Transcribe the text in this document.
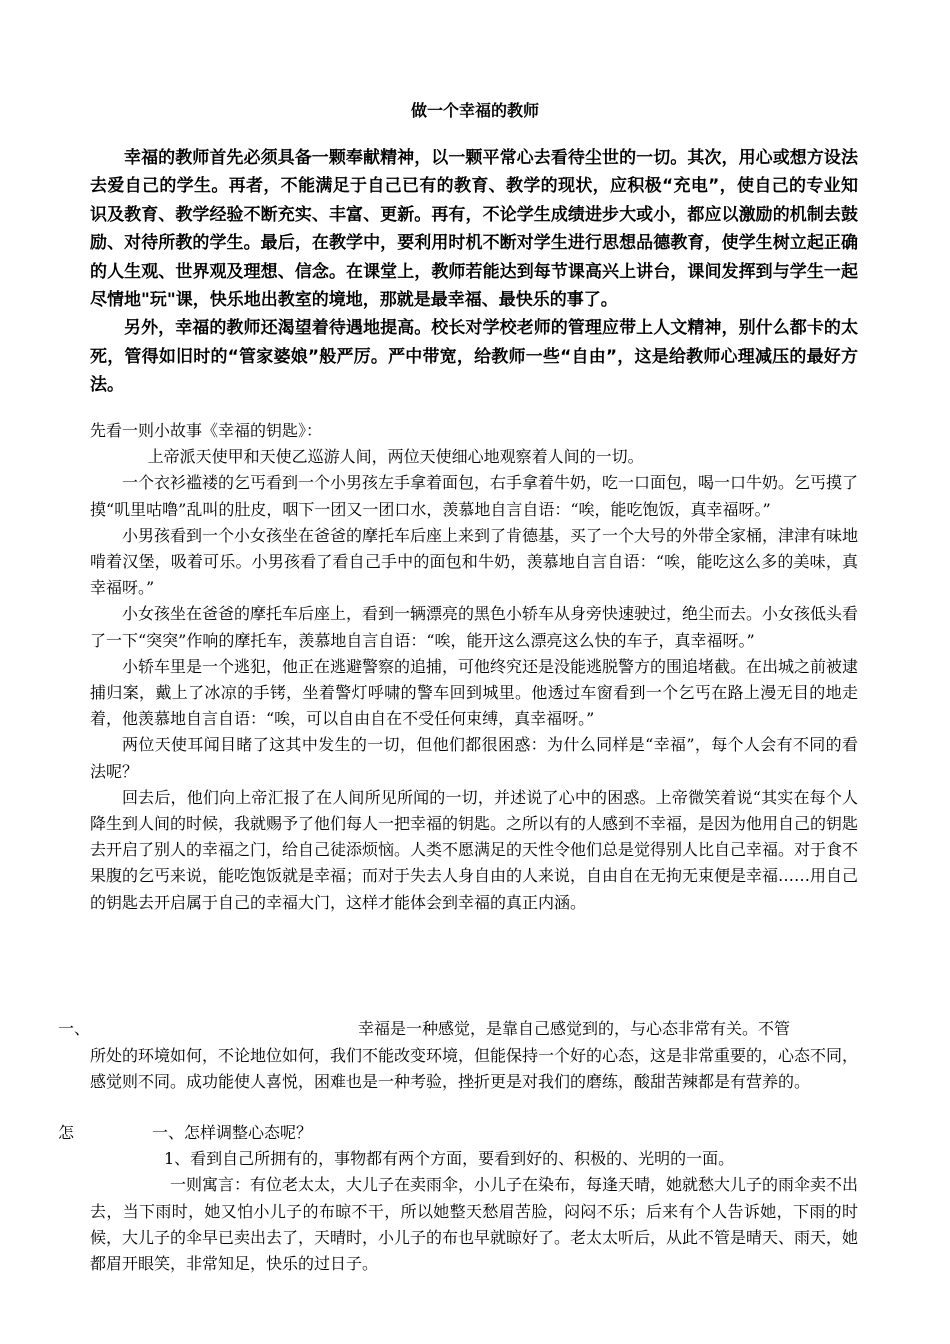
做一个幸福的教师

幸福的教师首先必须具备一颗奉献精神，以一颗平常心去看待尘世的一切。其次，用心或想方设法去爱自己的学生。再者，不能满足于自己已有的教育、教学的现状，应积极“充电”，使自己的专业知识及教育、教学经验不断充实、丰富、更新。再有，不论学生成绩进步大或小，都应以激励的机制去鼓励、对待所教的学生。最后，在教学中，要利用时机不断对学生进行思想品德教育，使学生树立起正确的人生观、世界观及理想、信念。在课堂上，教师若能达到每节课高兴上讲台，课间发挥到与学生一起尽情地"玩"课，快乐地出教室的境地，那就是最幸福、最快乐的事了。

另外，幸福的教师还渴望着待遇地提高。校长对学校老师的管理应带上人文精神，别什么都卡的太死，管得如旧时的“管家婆娘”般严厉。严中带宽，给教师一些“自由”，这是给教师心理减压的最好方法。

先看一则小故事《幸福的钥匙》：

上帝派天使甲和天使乙巡游人间，两位天使细心地观察着人间的一切。

一个衣衫褴褛的乞丐看到一个小男孩左手拿着面包，右手拿着牛奶，吃一口面包，喝一口牛奶。乞丐摸了摸“叽里咕噜”乱叫的肚皮，咽下一团又一团口水，羡慕地自言自语：“唉，能吃饱饭，真幸福呀。”

小男孩看到一个小女孩坐在爸爸的摩托车后座上来到了肯德基，买了一个大号的外带全家桶，津津有味地啃着汉堡，吸着可乐。小男孩看了看自己手中的面包和牛奶，羡慕地自言自语：“唉，能吃这么多的美味，真幸福呀。”

小女孩坐在爸爸的摩托车后座上，看到一辆漂亮的黑色小轿车从身旁快速驶过，绝尘而去。小女孩低头看了一下“突突”作响的摩托车，羡慕地自言自语：“唉，能开这么漂亮这么快的车子，真幸福呀。”

小轿车里是一个逃犯，他正在逃避警察的追捕，可他终究还是没能逃脱警方的围追堵截。在出城之前被逮捕归案，戴上了冰凉的手铐，坐着警灯呼啸的警车回到城里。他透过车窗看到一个乞丐在路上漫无目的地走着，他羡慕地自言自语：“唉，可以自由自在不受任何束缚，真幸福呀。”

两位天使耳闻目睹了这其中发生的一切，但他们都很困惑：为什么同样是“幸福”，每个人会有不同的看法呢？

回去后，他们向上帝汇报了在人间所见所闻的一切，并述说了心中的困惑。上帝微笑着说“其实在每个人降生到人间的时候，我就赐予了他们每人一把幸福的钥匙。之所以有的人感到不幸福，是因为他用自己的钥匙去开启了别人的幸福之门，给自己徒添烦恼。人类不愿满足的天性令他们总是觉得别人比自己幸福。对于食不果腹的乞丐来说，能吃饱饭就是幸福；而对于失去人身自由的人来说，自由自在无拘无束便是幸福……用自己的钥匙去开启属于自己的幸福大门，这样才能体会到幸福的真正内涵。

一、	幸福是一种感觉，是靠自己感觉到的，与心态非常有关。不管

所处的环境如何，不论地位如何，我们不能改变环境，但能保持一个好的心态，这是非常重要的，心态不同，感觉则不同。成功能使人喜悦，困难也是一种考验，挫折更是对我们的磨练，酸甜苦辣都是有营养的。

怎	一、怎样调整心态呢？

1、看到自己所拥有的，事物都有两个方面，要看到好的、积极的、光明的一面。

一则寓言：有位老太太，大儿子在卖雨伞，小儿子在染布，每逢天晴，她就愁大儿子的雨伞卖不出去，当下雨时，她又怕小儿子的布晾不干，所以她整天愁眉苦脸，闷闷不乐；后来有个人告诉她，下雨的时候，大儿子的伞早已卖出去了，天晴时，小儿子的布也早就晾好了。老太太听后，从此不管是晴天、雨天，她都眉开眼笑，非常知足，快乐的过日子。
